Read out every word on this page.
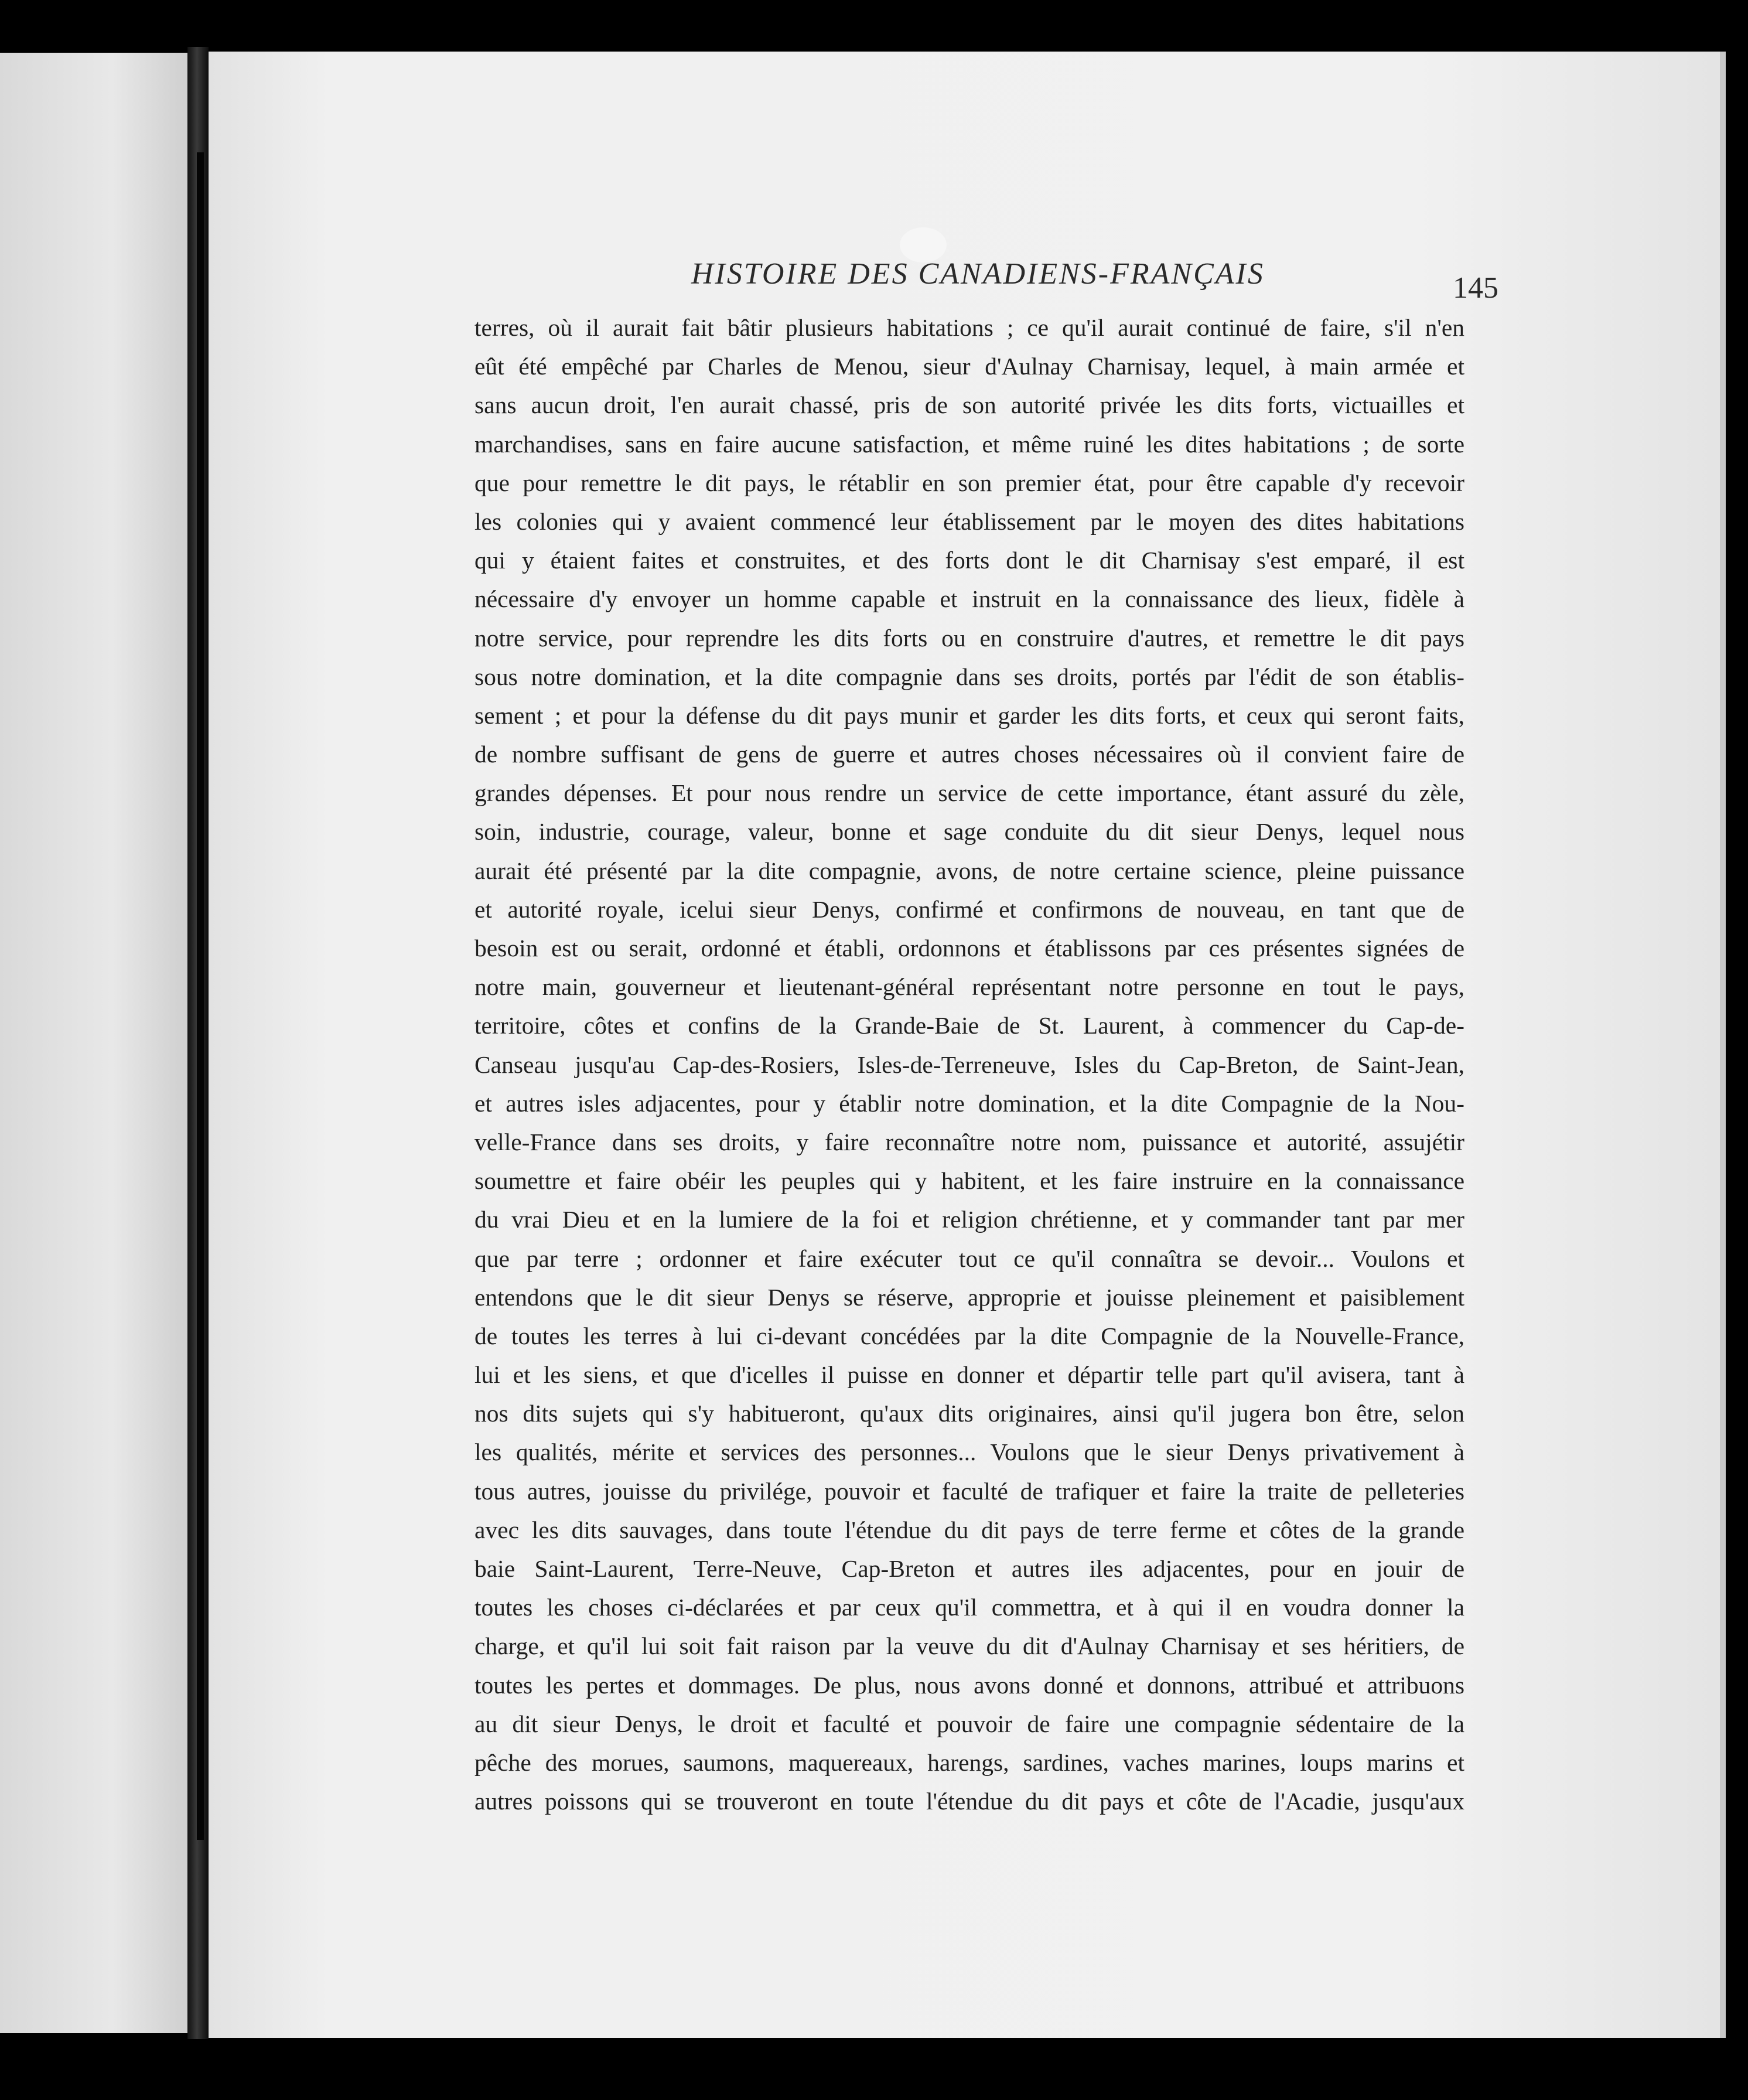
HISTOIRE DES CANADIENS-FRANÇAIS	145
terres, où il aurait fait bâtir plusieurs habitations ; ce qu'il aurait continué de faire, s'il n'en
eût été empêché par Charles de Menou, sieur d'Aulnay Charnisay, lequel, à main armée et
sans aucun droit, l'en aurait chassé, pris de son autorité privée les dits forts, victuailles et
marchandises, sans en faire aucune satisfaction, et même ruiné les dites habitations ; de sorte
que pour remettre le dit pays, le rétablir en son premier état, pour être capable d'y recevoir
les colonies qui y avaient commencé leur établissement par le moyen des dites habitations
qui y étaient faites et construites, et des forts dont le dit Charnisay s'est emparé, il est
nécessaire d'y envoyer un homme capable et instruit en la connaissance des lieux, fidèle à
notre service, pour reprendre les dits forts ou en construire d'autres, et remettre le dit pays
sous notre domination, et la dite compagnie dans ses droits, portés par l'édit de son établis-
sement ; et pour la défense du dit pays munir et garder les dits forts, et ceux qui seront faits,
de nombre suffisant de gens de guerre et autres choses nécessaires où il convient faire de
grandes dépenses. Et pour nous rendre un service de cette importance, étant assuré du zèle,
soin, industrie, courage, valeur, bonne et sage conduite du dit sieur Denys, lequel nous
aurait été présenté par la dite compagnie, avons, de notre certaine science, pleine puissance
et autorité royale, icelui sieur Denys, confirmé et confirmons de nouveau, en tant que de
besoin est ou serait, ordonné et établi, ordonnons et établissons par ces présentes signées de
notre main, gouverneur et lieutenant-général représentant notre personne en tout le pays,
territoire, côtes et confins de la Grande-Baie de St. Laurent, à commencer du Cap-de-
Canseau jusqu'au Cap-des-Rosiers, Isles-de-Terreneuve, Isles du Cap-Breton, de Saint-Jean,
et autres isles adjacentes, pour y établir notre domination, et la dite Compagnie de la Nou-
velle-France dans ses droits, y faire reconnaître notre nom, puissance et autorité, assujétir
soumettre et faire obéir les peuples qui y habitent, et les faire instruire en la connaissance
du vrai Dieu et en la lumiere de la foi et religion chrétienne, et y commander tant par mer
que par terre ; ordonner et faire exécuter tout ce qu'il connaîtra se devoir... Voulons et
entendons que le dit sieur Denys se réserve, approprie et jouisse pleinement et paisiblement
de toutes les terres à lui ci-devant concédées par la dite Compagnie de la Nouvelle-France,
lui et les siens, et que d'icelles il puisse en donner et départir telle part qu'il avisera, tant à
nos dits sujets qui s'y habitueront, qu'aux dits originaires, ainsi qu'il jugera bon être, selon
les qualités, mérite et services des personnes... Voulons que le sieur Denys privativement à
tous autres, jouisse du privilége, pouvoir et faculté de trafiquer et faire la traite de pelleteries
avec les dits sauvages, dans toute l'étendue du dit pays de terre ferme et côtes de la grande
baie Saint-Laurent, Terre-Neuve, Cap-Breton et autres iles adjacentes, pour en jouir de
toutes les choses ci-déclarées et par ceux qu'il commettra, et à qui il en voudra donner la
charge, et qu'il lui soit fait raison par la veuve du dit d'Aulnay Charnisay et ses héritiers, de
toutes les pertes et dommages. De plus, nous avons donné et donnons, attribué et attribuons
au dit sieur Denys, le droit et faculté et pouvoir de faire une compagnie sédentaire de la
pêche des morues, saumons, maquereaux, harengs, sardines, vaches marines, loups marins et
autres poissons qui se trouveront en toute l'étendue du dit pays et côte de l'Acadie, jusqu'aux
